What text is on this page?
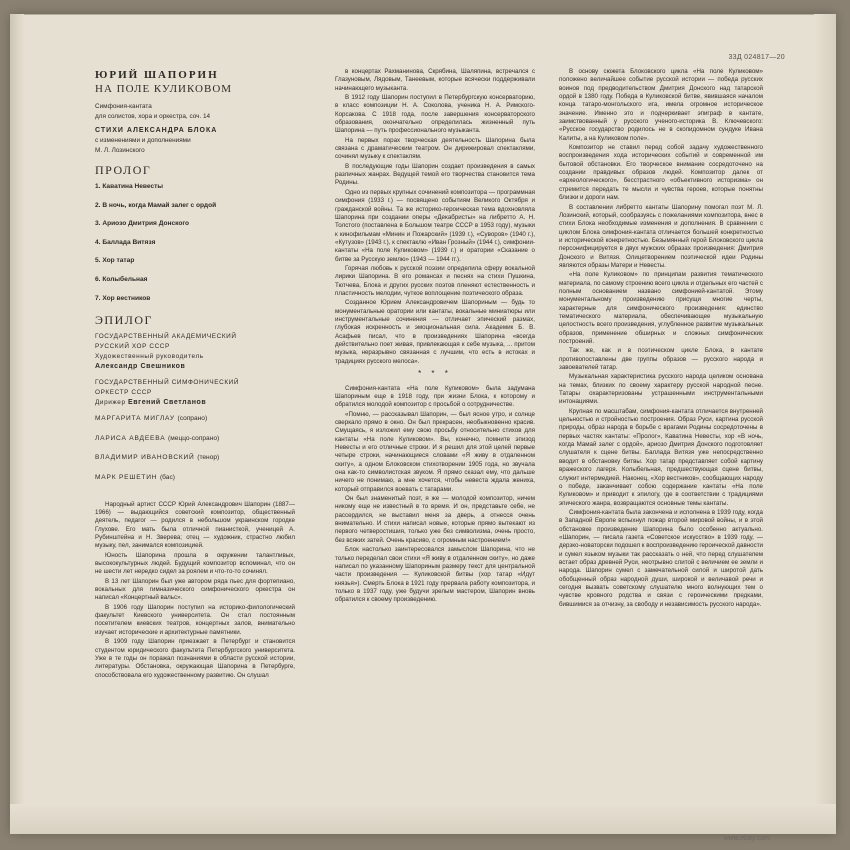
33Д 024817—20
ЮРИЙ ШАПОРИН
НА ПОЛЕ КУЛИКОВОМ
Симфония-кантата
для солистов, хора и оркестра, соч. 14
СТИХИ АЛЕКСАНДРА БЛОКА
с изменениями и дополнениями
М. Л. Лозинского
ПРОЛОГ
1. Каватина Невесты
2. В ночь, когда Мамай залег с ордой
3. Ариозо Дмитрия Донского
4. Баллада Витязя
5. Хор татар
6. Колыбельная
7. Хор вестников
ЭПИЛОГ
ГОСУДАРСТВЕННЫЙ АКАДЕМИЧЕСКИЙ
РУССКИЙ ХОР СССР
Художественный руководитель
Александр Свешников
ГОСУДАРСТВЕННЫЙ СИМФОНИЧЕСКИЙ
ОРКЕСТР СССР
Дирижер Евгений Светланов
МАРГАРИТА МИГЛАУ (сопрано)
ЛАРИСА АВДЕЕВА (меццо-сопрано)
ВЛАДИМИР ИВАНОВСКИЙ (тенор)
МАРК РЕШЕТИН (бас)

Народный артист СССР Юрий Александрович Шапорин (1887—1966) — выдающийся советский композитор, общественный деятель, педагог — родился в небольшом украинском городке Глухове. Его мать была отличной пианисткой, ученицей А. Рубинштейна и Н. Зверева; отец — художник, страстно любил музыку, пел, занимался композицией.

Юность Шапорина прошла в окружении талантливых, высококультурных людей. Будущий композитор вспоминал, что он не шести лет нередко сидел за роялем и что-то-то сочинял.

В 13 лет Шапорин был уже автором ряда пьес для фортепиано, вокальных для гимназического симфонического оркестра он написал «Концертный вальс».

В 1906 году Шапорин поступил на историко-филологический факультет Киевского университета. Он стал постоянным посетителем киевских театров, концертных залов, внимательно изучает исторические и архитектурные памятники.

В 1909 году Шапорин приезжает в Петербург и становится студентом юридического факультета Петербургского университета. Уже в те годы он поражал познаниями в области русской истории, литературы. Обстановка, окружающая Шапорина в Петербурге, способствовала его художественному развитию. Он слушал

в концертах Рахманинова, Скрябина, Шаляпина, встречался с Глазуновым, Лядовым, Танеевым, которые всячески поддерживали начинающего музыканта.

В 1912 году Шапорин поступил в Петербургскую консерваторию, в класс композиции Н. А. Соколова, ученика Н. А. Римского-Корсакова. С 1918 года, после завершения консерваторского образования, окончательно определилась жизненный путь Шапорина — путь профессионального музыканта.

На первых порах творческая деятельность Шапорина была связана с драматическим театром. Он дирижировал спектаклями, сочинял музыку к спектаклям.

В последующие годы Шапорин создает произведения в самых различных жанрах. Ведущей темой его творчества становится тема Родины.

Одно из первых крупных сочинений композитора — программная симфония (1933 г.) — посвящено событиям Великого Октября и гражданской войны. Та же историко-героическая тема вдохновляла Шапорина при создании оперы «Декабристы» на либретто А. Н. Толстого (поставлена в Большом театре СССР в 1953 году), музыки к кинофильмам «Минин и Пожарский» (1939 г.), «Суворов» (1940 г.), «Кутузов» (1943 г.), к спектаклю «Иван Грозный» (1944 г.), симфонии-кантаты «На поле Куликовом» (1939 г.) и оратории «Сказание о битве за Русскую землю» (1943 — 1944 гг.).

Горячая любовь к русской поэзии определила сферу вокальной лирики Шапорина. В его романсах и песнях на стихи Пушкина, Тютчева, Блока и других русских поэтов пленяют естественность и пластичность мелодии, чуткое воплощение поэтического образа.

Созданное Юрием Александровичем Шапориным — будь то монументальные оратории или кантаты, вокальные миниатюры или инструментальные сочинения — отличает эпический размах, глубокая искренность и эмоциональная сила. Академик Б. В. Асафьев писал, что в произведениях Шапорина «всегда действительно поет живая, привлекающая к себе музыка, ... притом музыка, неразрывно связанная с лучшим, что есть в истоках и традициях русского мелоса».

* * *

Симфония-кантата «На поле Куликовом» была задумана Шапориным еще в 1918 году, при жизни Блока, к которому и обратился молодой композитор с просьбой о сотрудничестве.

«Помню, — рассказывал Шапорин, — был ясное утро, и солнце сверкало прямо в окно. Он был прекрасен, необыкновенно красив. Смущаясь, я изложил ему свою просьбу относительно стихов для кантаты «На поле Куликовом». Вы, конечно, помните эпизод Невесты и его отличные строки. И я решил для этой целей первые четыре строки, начинающиеся словами «Я живу в отдаленном скиту», а одном Блоковском стихотворении 1905 года, но звучала она как-то символистская звуком. Я прямо сказал ему, что дальше ничего не понимаю, а мне хочется, чтобы невеста ждала жениха, который отправился воевать с татарами.

Он был знаменитый поэт, я же — молодой композитор, ничем никому еще не известный в то время. И он, представьте себе, не рассердился, не выставил меня за дверь, а отнесся очень внимательно. И стихи написал новые, которые прямо вытекают из первого четверостишия, только уже без символизма, очень просто, без всяких затей. Очень красиво, с огромным настроением!»

Блок настолько заинтересовался замыслом Шапорина, что не только переделал свои стихи «Я живу в отдаленном скиту», но даже написал по указанному Шапориным размеру текст для центральной части произведения — Куликовской битвы (хор татар «Идут князья»). Смерть Блока в 1921 году прервала работу композитора, и только в 1937 году, уже будучи зрелым мастером, Шапорин вновь обратился к своему произведению.

В основу сюжета Блоковского цикла «На поле Куликовом» положено величайшее событие русской истории — победа русских воинов под предводительством Дмитрия Донского над татарской ордой в 1380 году. Победа в Куликовской битве, явившаяся началом конца татаро-монгольского ига, имела огромное историческое значение. Именно это и подчеркивает эпиграф в кантате, заимствованный у русского ученого-историка В. Ключевского: «Русское государство родилось не в скопидомном сундуке Ивана Калиты, а на Куликовом поле».

Композитор не ставил перед собой задачу художественного воспроизведения хода исторических событий и современной им бытовой обстановки. Его творческое внимание сосредоточено на создании правдивых образов людей. Композитор далек от «археологического», бесстрастного «объективного историзма» он стремится передать те мысли и чувства героев, которые понятны близки и дороги нам.

В составлении либретто кантаты Шапорину помогал поэт М. Л. Лозинский, который, сообразуясь с пожеланиями композитора, внес в стихи Блока необходимые изменения и дополнения. В сравнении с циклом Блока симфония-кантата отличается большей конкретностью и исторической конкретностью. Безымянный герой Блоковского цикла персонифицируется в двух мужских образах произведения: Дмитрия Донского и Витязя. Олицетворением поэтической идеи Родины являются образы Матери и Невесты.

«На поле Куликовом» по принципам развития тематического материала, по самому строению всего цикла и отдельных его частей с полным основанием названо симфонией-кантатой. Этому монументальному произведению присущи многие черты, характерные для симфонического произведения: единство тематического материала, обеспечивающее музыкальную целостность всего произведения, углубленное развитие музыкальных образов, применение обширных и сложных симфонических построений.

Так же, как и в поэтическом цикле Блока, в кантате противопоставлены две группы образов — русского народа и завоевателей татар.

Музыкальная характеристика русского народа целиком основана на темах, близких по своему характеру русской народной песне. Татары охарактеризованы устрашенными инструментальными интонациями.

Крупная по масштабам, симфония-кантата отличается внутренней цельностью и стройностью построения. Образ Руси, картина русской природы, образ народа в борьбе с врагами Родины сосредоточены в первых частях кантаты: «Пролог», Каватина Невесты, хор «В ночь, когда Мамай залег с ордой», ариозо Дмитрия Донского подготовляет слушателя к сцене битвы. Баллада Витязя уже непосредственно вводит в обстановку битвы. Хор татар представляет собой картину вражеского лагеря. Колыбельная, предшествующая сцене битвы, служит интермедией. Наконец, «Хор вестников», сообщающих народу о победе, заканчивает собою содержание кантаты «На поле Куликовом» и приводит к эпилогу, где в соответствии с традициями эпического жанра, возвращаются основные темы кантаты.

Симфония-кантата была закончена и исполнена в 1939 году, когда в Западной Европе вспыхнул пожар второй мировой войны, и в этой обстановке произведение Шапорина было особенно актуально. «Шапорин, — писала газета «Советское искусство» в 1939 году, — дерзко-новаторски подошел к воспроизведению героической давности и сумел языком музыки так рассказать о ней, что перед слушателем встает образ древней Руси, неотрывно слитой с величием ее земли и народа. Шапорин сумел с замечательной силой и широтой дать обобщенный образ народной души, широкой и величавой речи и сегодня вызвать советскому слушателю много волнующих тем о чувстве кровного родства и связи с героическими предками, бившимися за отчизну, за свободу и независимость русского народа».

www.ebay.com
